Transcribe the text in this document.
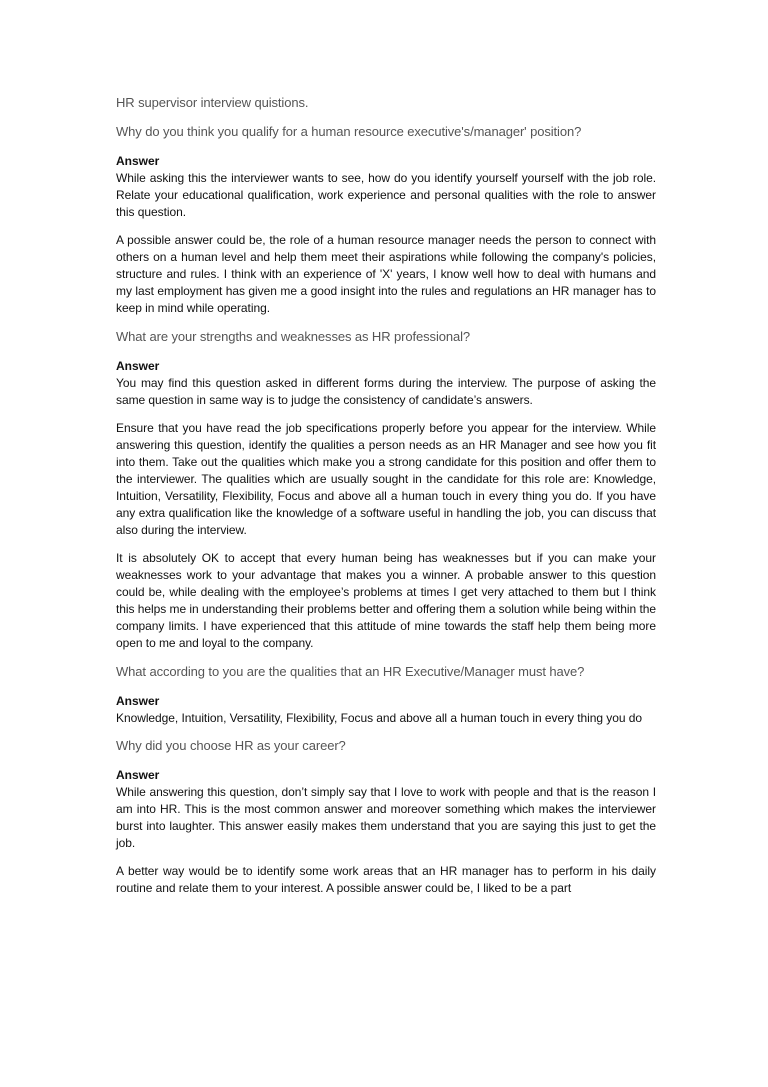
HR supervisor interview quistions.

Why do you think you qualify for a human resource executive's/manager' position?

Answer

While asking this the interviewer wants to see, how do you identify yourself yourself with the job role. Relate your educational qualification, work experience and personal qualities with the role to answer this question.

A possible answer could be, the role of a human resource manager needs the person to connect with others on a human level and help them meet their aspirations while following the company's policies, structure and rules. I think with an experience of 'X' years, I know well how to deal with humans and my last employment has given me a good insight into the rules and regulations an HR manager has to keep in mind while operating.

What are your strengths and weaknesses as HR professional?

Answer

You may find this question asked in different forms during the interview. The purpose of asking the same question in same way is to judge the consistency of candidate’s answers.

Ensure that you have read the job specifications properly before you appear for the interview. While answering this question, identify the qualities a person needs as an HR Manager and see how you fit into them. Take out the qualities which make you a strong candidate for this position and offer them to the interviewer. The qualities which are usually sought in the candidate for this role are: Knowledge, Intuition, Versatility, Flexibility, Focus and above all a human touch in every thing you do. If you have any extra qualification like the knowledge of a software useful in handling the job, you can discuss that also during the interview.

It is absolutely OK to accept that every human being has weaknesses but if you can make your weaknesses work to your advantage that makes you a winner. A probable answer to this question could be, while dealing with the employee’s problems at times I get very attached to them but I think this helps me in understanding their problems better and offering them a solution while being within the company limits. I have experienced that this attitude of mine towards the staff help them being more open to me and loyal to the company.

What according to you are the qualities that an HR Executive/Manager must have?

Answer

Knowledge, Intuition, Versatility, Flexibility, Focus and above all a human touch in every thing you do

Why did you choose HR as your career?

Answer

While answering this question, don’t simply say that I love to work with people and that is the reason I am into HR. This is the most common answer and moreover something which makes the interviewer burst into laughter. This answer easily makes them understand that you are saying this just to get the job.

A better way would be to identify some work areas that an HR manager has to perform in his daily routine and relate them to your interest. A possible answer could be, I liked to be a part
